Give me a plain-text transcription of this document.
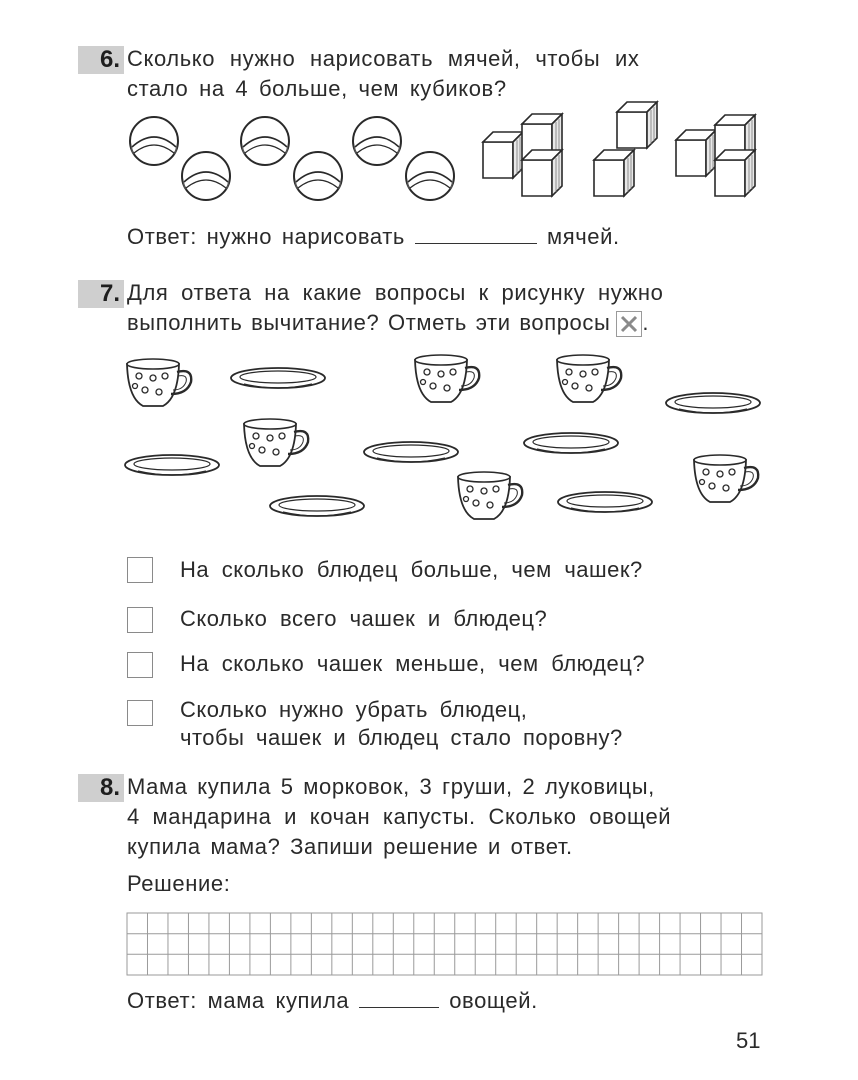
6. Сколько нужно нарисовать мячей, чтобы их
стало на 4 больше, чем кубиков?
Ответ: нужно нарисовать	мячей.
7. Для ответа на какие вопросы к рисунку нужно
выполнить вычитание? Отметь эти вопросы .
На сколько блюдец больше, чем чашек?
Сколько всего чашек и блюдец?
На сколько чашек меньше, чем блюдец?
Сколько нужно убрать блюдец,
чтобы чашек и блюдец стало поровну?
8. Мама купила 5 морковок, 3 груши, 2 луковицы,
4 мандарина и кочан капусты. Сколько овощей
купила мама? Запиши решение и ответ.
Решение:
Ответ: мама купила	овощей.
51
